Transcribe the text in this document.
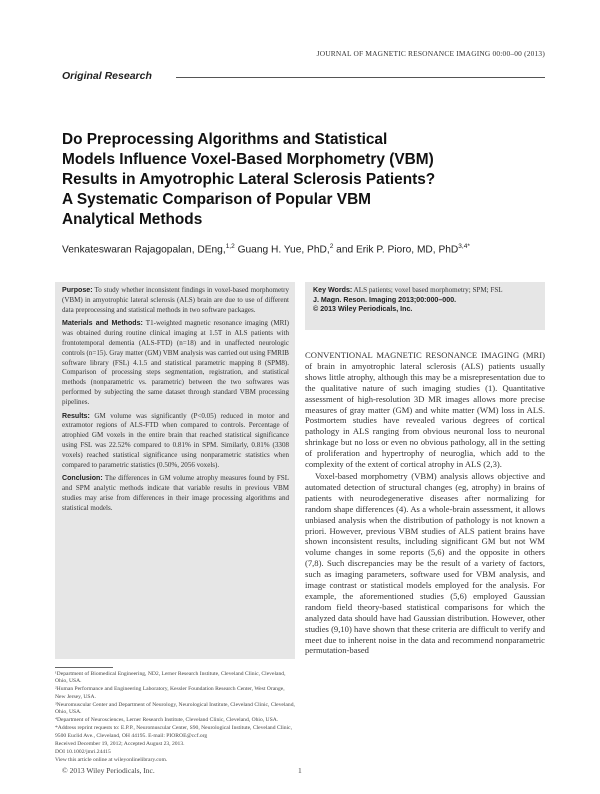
JOURNAL OF MAGNETIC RESONANCE IMAGING 00:00–00 (2013)
Original Research
Do Preprocessing Algorithms and Statistical
Models Influence Voxel-Based Morphometry (VBM)
Results in Amyotrophic Lateral Sclerosis Patients?
A Systematic Comparison of Popular VBM
Analytical Methods
Venkateswaran Rajagopalan, DEng,$^{1,2}$ Guang H. Yue, PhD,$^2$ and Erik P. Pioro, MD, PhD$^{3,4*}$

Purpose: To study whether inconsistent findings in voxel-based morphometry (VBM) in amyotrophic lateral sclerosis (ALS) brain are due to use of different data preprocessing and statistical methods in two software packages.

Materials and Methods: T1-weighted magnetic resonance imaging (MRI) was obtained during routine clinical imaging at 1.5T in ALS patients with frontotemporal dementia (ALS-FTD) (n=18) and in unaffected neurologic controls (n=15). Gray matter (GM) VBM analysis was carried out using FMRIB software library (FSL) 4.1.5 and statistical parametric mapping 8 (SPM8). Comparison of processing steps segmentation, registration, and statistical methods (nonparametric vs. parametric) between the two softwares was performed by subjecting the same dataset through standard VBM processing pipelines.

Results: GM volume was significantly (P<0.05) reduced in motor and extramotor regions of ALS-FTD when compared to controls. Percentage of atrophied GM voxels in the entire brain that reached statistical significance using FSL was 22.52% compared to 0.81% in SPM. Similarly, 0.81% (3308 voxels) reached statistical significance using nonparametric statistics when compared to parametric statistics (0.50%, 2056 voxels).

Conclusion: The differences in GM volume atrophy measures found by FSL and SPM analytic methods indicate that variable results in previous VBM studies may arise from differences in their image processing algorithms and statistical models.

Key Words: ALS patients; voxel based morphometry; SPM; FSL
J. Magn. Reson. Imaging 2013;00:000–000.
© 2013 Wiley Periodicals, Inc.

CONVENTIONAL MAGNETIC RESONANCE IMAGING (MRI) of brain in amyotrophic lateral sclerosis (ALS) patients usually shows little atrophy, although this may be a misrepresentation due to the qualitative nature of such imaging studies (1). Quantitative assessment of high-resolution 3D MR images allows more precise measures of gray matter (GM) and white matter (WM) loss in ALS. Postmortem studies have revealed various degrees of cortical pathology in ALS ranging from obvious neuronal loss to neuronal shrinkage but no loss or even no obvious pathology, all in the setting of proliferation and hypertrophy of neuroglia, which add to the complexity of the extent of cortical atrophy in ALS (2,3).

Voxel-based morphometry (VBM) analysis allows objective and automated detection of structural changes (eg, atrophy) in brains of patients with neurodegenerative diseases after normalizing for random shape differences (4). As a whole-brain assessment, it allows unbiased analysis when the distribution of pathology is not known a priori. However, previous VBM studies of ALS patient brains have shown inconsistent results, including significant GM but not WM volume changes in some reports (5,6) and the opposite in others (7,8). Such discrepancies may be the result of a variety of factors, such as imaging parameters, software used for VBM analysis, and image contrast or statistical models employed for the analysis. For example, the aforementioned studies (5,6) employed Gaussian random field theory-based statistical comparisons for which the analyzed data should have had Gaussian distribution. However, other studies (9,10) have shown that these criteria are difficult to verify and meet due to inherent noise in the data and recommend nonparametric permutation-based

¹Department of Biomedical Engineering, ND2, Lerner Research Institute, Cleveland Clinic, Cleveland, Ohio, USA.

²Human Performance and Engineering Laboratory, Kessler Foundation Research Center, West Orange, New Jersey, USA.

³Neuromuscular Center and Department of Neurology, Neurological Institute, Cleveland Clinic, Cleveland, Ohio, USA.

⁴Department of Neurosciences, Lerner Research Institute, Cleveland Clinic, Cleveland, Ohio, USA.

*Address reprint requests to: E.P.P., Neuromuscular Center, S90, Neurological Institute, Cleveland Clinic, 9500 Euclid Ave., Cleveland, OH 44195. E-mail: PIOROE@ccf.org

Received December 19, 2012; Accepted August 23, 2013.

DOI 10.1002/jmri.24415

View this article online at wileyonlinelibrary.com.

© 2013 Wiley Periodicals, Inc.	1
